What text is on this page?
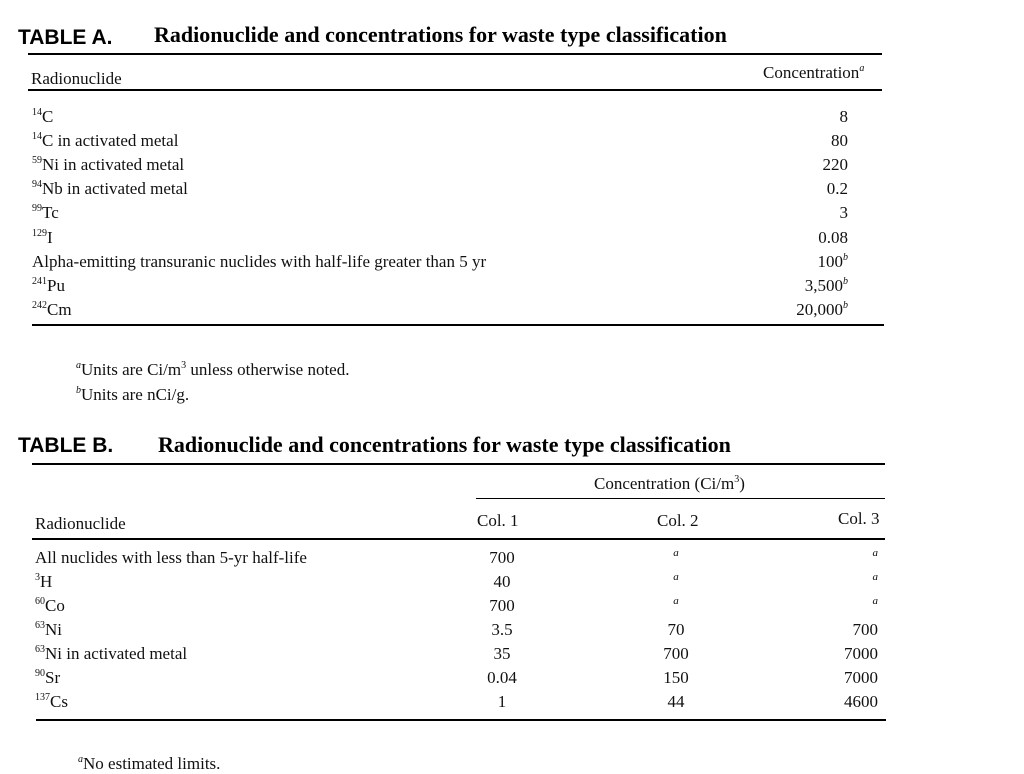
TABLE A. Radionuclide and concentrations for waste type classification
Radionuclide	Concentration$^a$
$^{14}$C	8
$^{14}$C in activated metal	80
$^{59}$Ni in activated metal	220
$^{94}$Nb in activated metal	0.2
$^{99}$Tc	3
$^{129}$I	0.08
Alpha-emitting transuranic nuclides with half-life greater than 5 yr	100$^b$
$^{241}$Pu	3,500$^b$
$^{242}$Cm	20,000$^b$
$^a$Units are $Ci/m^3$ unless otherwise noted.
$^b$Units are nCi/g.
TABLE B. Radionuclide and concentrations for waste type classification
Concentration $(Ci/m^3)$
Radionuclide	Col. 1	Col. 2	Col. 3
All nuclides with less than 5-yr half-life	700	$^a$	$^a$
$^3$H	40	$^a$	$^a$
$^{60}$Co	700	$^a$	$^a$
$^{63}$Ni	3.5	70	700
$^{63}$Ni in activated metal	35	700	7000
$^{90}$Sr	0.04	150	7000
$^{137}$Cs	1	44	4600
$^a$No estimated limits.
